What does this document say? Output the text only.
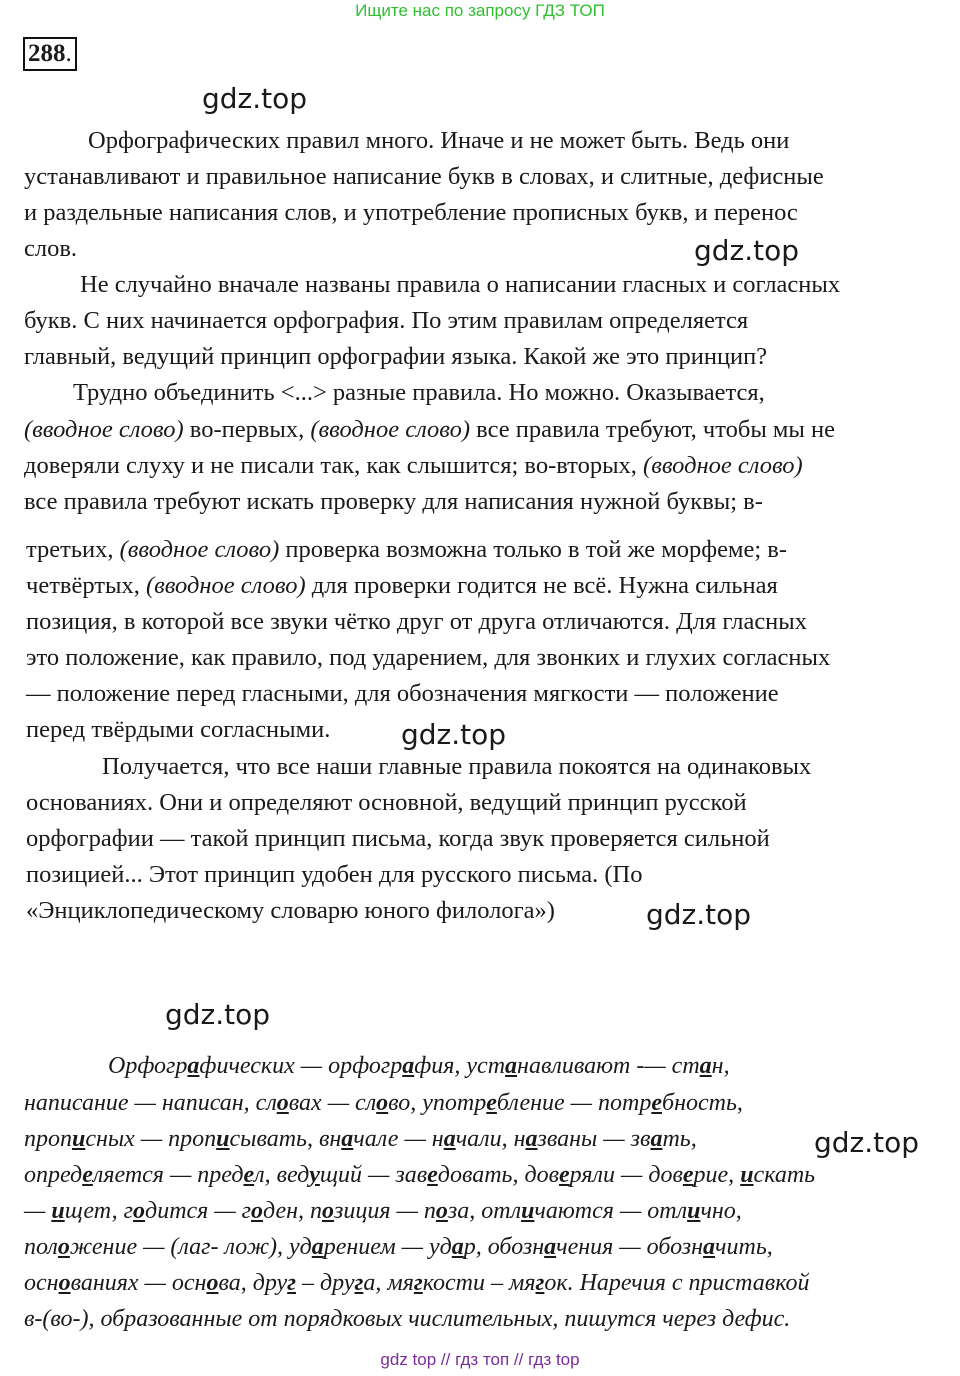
Ищите нас по запросу ГДЗ ТОП
288.
gdz.top
gdz.top
gdz.top
gdz.top
gdz.top
gdz.top
Орфографических правил много. Иначе и не может быть. Ведь они
устанавливают и правильное написание букв в словах, и слитные, дефисные
и раздельные написания слов, и употребление прописных букв, и перенос
слов.
Не случайно вначале названы правила о написании гласных и согласных
букв. С них начинается орфография. По этим правилам определяется
главный, ведущий принцип орфографии языка. Какой же это принцип?
Трудно объединить <...> разные правила. Но можно. Оказывается,
(вводное слово) во-первых, (вводное слово) все правила требуют, чтобы мы не
доверяли слуху и не писали так, как слышится; во-вторых, (вводное слово)
все правила требуют искать проверку для написания нужной буквы; в-
третьих, (вводное слово) проверка возможна только в той же морфеме; в-
четвёртых, (вводное слово) для проверки годится не всё. Нужна сильная
позиция, в которой все звуки чётко друг от друга отличаются. Для гласных
это положение, как правило, под ударением, для звонких и глухих согласных
— положение перед гласными, для обозначения мягкости — положение
перед твёрдыми согласными.
Получается, что все наши главные правила покоятся на одинаковых
основаниях. Они и определяют основной, ведущий принцип русской
орфографии — такой принцип письма, когда звук проверяется сильной
позицией... Этот принцип удобен для русского письма. (По
«Энциклопедическому словарю юного филолога»)
Орфографических — орфография, устанавливают -— стан,
написание — написан, словах — слово, употребление — потребность,
прописных — прописывать, вначале — начали, названы — звать,
определяется — предел, ведущий — заведовать, доверяли — доверие, искать
— ищет, годится — годен, позиция — поза, отличаются — отлично,
положение — (лаг- лож), ударением — удар, обозначения — обозначить,
основаниях — основа, друг – друга, мягкости – мягок. Наречия с приставкой
в-(во-), образованные от порядковых числительных, пишутся через дефис.
gdz top // гдз топ // гдз top
